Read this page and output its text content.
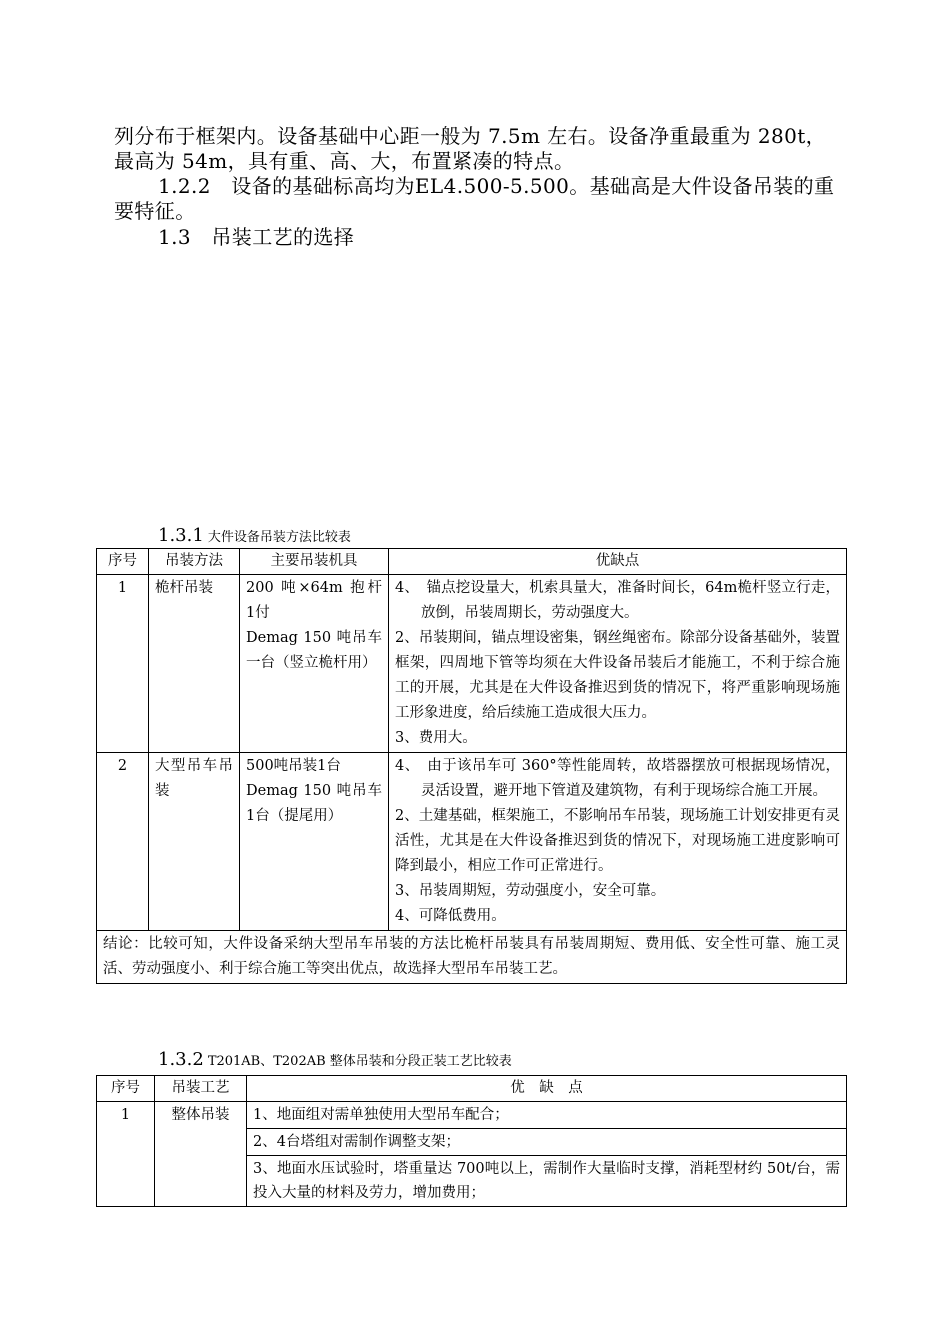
列分布于框架内。设备基础中心距一般为 7.5m 左右。设备净重最重为 280t，最高为 54m，具有重、高、大，布置紧凑的特点。
1.2.2　设备的基础标高均为EL4.500-5.500。基础高是大件设备吊装的重要特征。
1.3　吊装工艺的选择
1.3.1 大件设备吊装方法比较表
序号	吊装方法	主要吊装机具	优缺点
1	桅杆吊装	200 吨×64m 抱杆 1付
Demag 150 吨吊车一台（竖立桅杆用）	4、　锚点挖设量大，机索具量大，准备时间长，64m桅杆竖立行走，放倒，吊装周期长，劳动强度大。
2、吊装期间，锚点埋设密集，钢丝绳密布。除部分设备基础外，装置框架，四周地下管等均须在大件设备吊装后才能施工，不利于综合施工的开展，尤其是在大件设备推迟到货的情况下，将严重影响现场施工形象进度，给后续施工造成很大压力。
3、费用大。

2	大型吊车吊装	500吨吊装1台
Demag 150 吨吊车 1台（提尾用）	4、　由于该吊车可 360°等性能周转，故塔器摆放可根据现场情况，灵活设置，避开地下管道及建筑物，有利于现场综合施工开展。
2、土建基础，框架施工，不影响吊车吊装，现场施工计划安排更有灵活性，尤其是在大件设备推迟到货的情况下，对现场施工进度影响可降到最小，相应工作可正常进行。
3、吊装周期短，劳动强度小，安全可靠。
4、可降低费用。

结论：比较可知，大件设备采纳大型吊车吊装的方法比桅杆吊装具有吊装周期短、费用低、安全性可靠、施工灵活、劳动强度小、利于综合施工等突出优点，故选择大型吊车吊装工艺。			
1.3.2 T201AB、T202AB 整体吊装和分段正装工艺比较表
序号	吊装工艺	优　缺　点
1	整体吊装	1、地面组对需单独使用大型吊车配合；
2、4台塔组对需制作调整支架；
3、地面水压试验时，塔重量达 700吨以上，需制作大量临时支撑，消耗型材约 50t/台，需投入大量的材料及劳力，增加费用；
